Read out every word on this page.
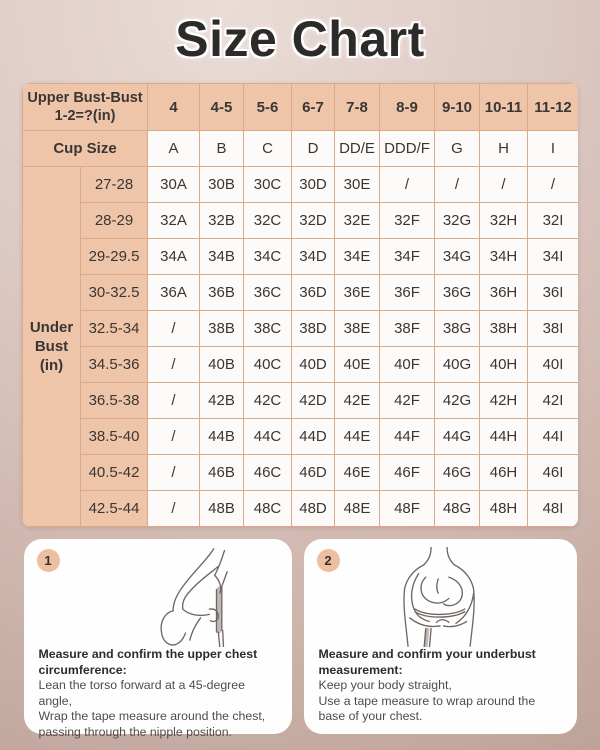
Size Chart
Upper Bust-Bust
1-2=?(in)		4	4-5	5-6	6-7	7-8	8-9	9-10	10-11	11-12
Cup Size		A	B	C	D	DD/E	DDD/F	G	H	I

Under
Bust
(in)	27-28	30A	30B	30C	30D	30E	/	/	/	/
	28-29	32A	32B	32C	32D	32E	32F	32G	32H	32I
	29-29.5	34A	34B	34C	34D	34E	34F	34G	34H	34I
	30-32.5	36A	36B	36C	36D	36E	36F	36G	36H	36I
	32.5-34	/	38B	38C	38D	38E	38F	38G	38H	38I
	34.5-36	/	40B	40C	40D	40E	40F	40G	40H	40I
	36.5-38	/	42B	42C	42D	42E	42F	42G	42H	42I
	38.5-40	/	44B	44C	44D	44E	44F	44G	44H	44I
	40.5-42	/	46B	46C	46D	46E	46F	46G	46H	46I
	42.5-44	/	48B	48C	48D	48E	48F	48G	48H	48I
1

Measure and confirm the upper chest circumference:

Lean the torso forward at a 45-degree angle,

Wrap the tape measure around the chest,

passing through the nipple position.

2

Measure and confirm your underbust measurement:

Keep your body straight,

Use a tape measure to wrap around the base of your chest.
